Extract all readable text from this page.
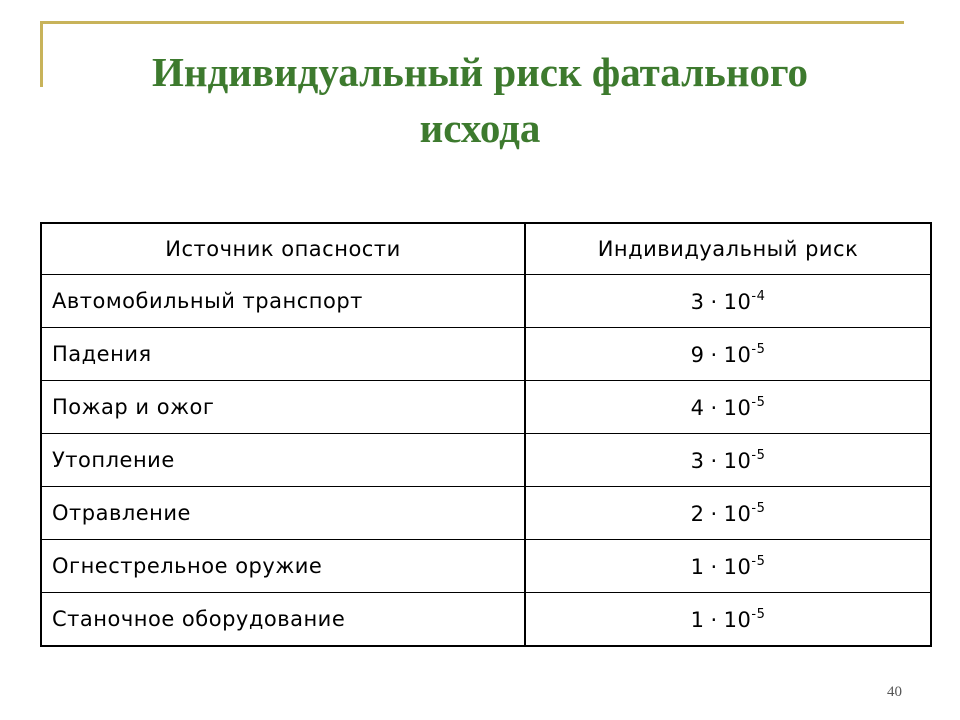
Индивидуальный риск фатального
исхода
Источник опасности	Индивидуальный риск
Автомобильный транспорт	$3 \cdot 10^{-4}$
Падения	$9 \cdot 10^{-5}$
Пожар и ожог	$4 \cdot 10^{-5}$
Утопление	$3 \cdot 10^{-5}$
Отравление	$2 \cdot 10^{-5}$
Огнестрельное оружие	$1 \cdot 10^{-5}$
Станочное оборудование	$1 \cdot 10^{-5}$
40
